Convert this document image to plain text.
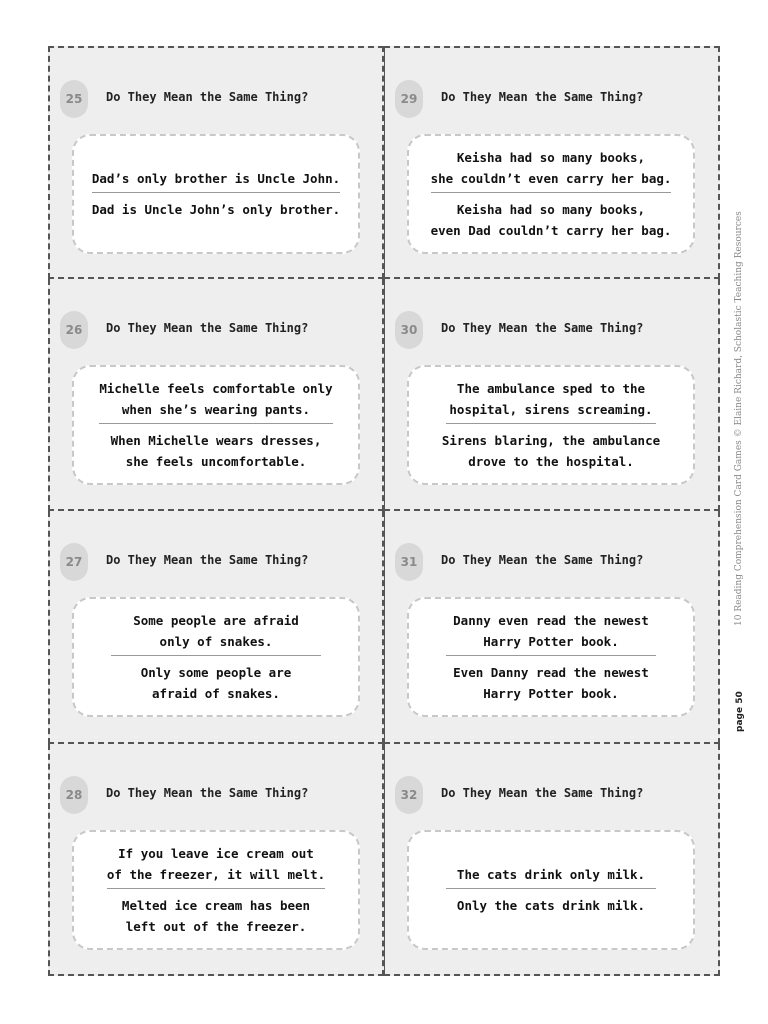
25	Do They Mean the Same Thing?
Dad’s only brother is Uncle John.
Dad is Uncle John’s only brother.
29	Do They Mean the Same Thing?
Keisha had so many books,
she couldn’t even carry her bag.
Keisha had so many books,
even Dad couldn’t carry her bag.
26	Do They Mean the Same Thing?
Michelle feels comfortable only
when she’s wearing pants.
When Michelle wears dresses,
she feels uncomfortable.
30	Do They Mean the Same Thing?
The ambulance sped to the
hospital, sirens screaming.
Sirens blaring, the ambulance
drove to the hospital.
27	Do They Mean the Same Thing?
Some people are afraid
only of snakes.
Only some people are
afraid of snakes.
31	Do They Mean the Same Thing?
Danny even read the newest
Harry Potter book.
Even Danny read the newest
Harry Potter book.
28	Do They Mean the Same Thing?
If you leave ice cream out
of the freezer, it will melt.
Melted ice cream has been
left out of the freezer.
32	Do They Mean the Same Thing?
The cats drink only milk.
Only the cats drink milk.
10 Reading Comprehension Card Games © Elaine Richard, Scholastic Teaching Resources
page 50
